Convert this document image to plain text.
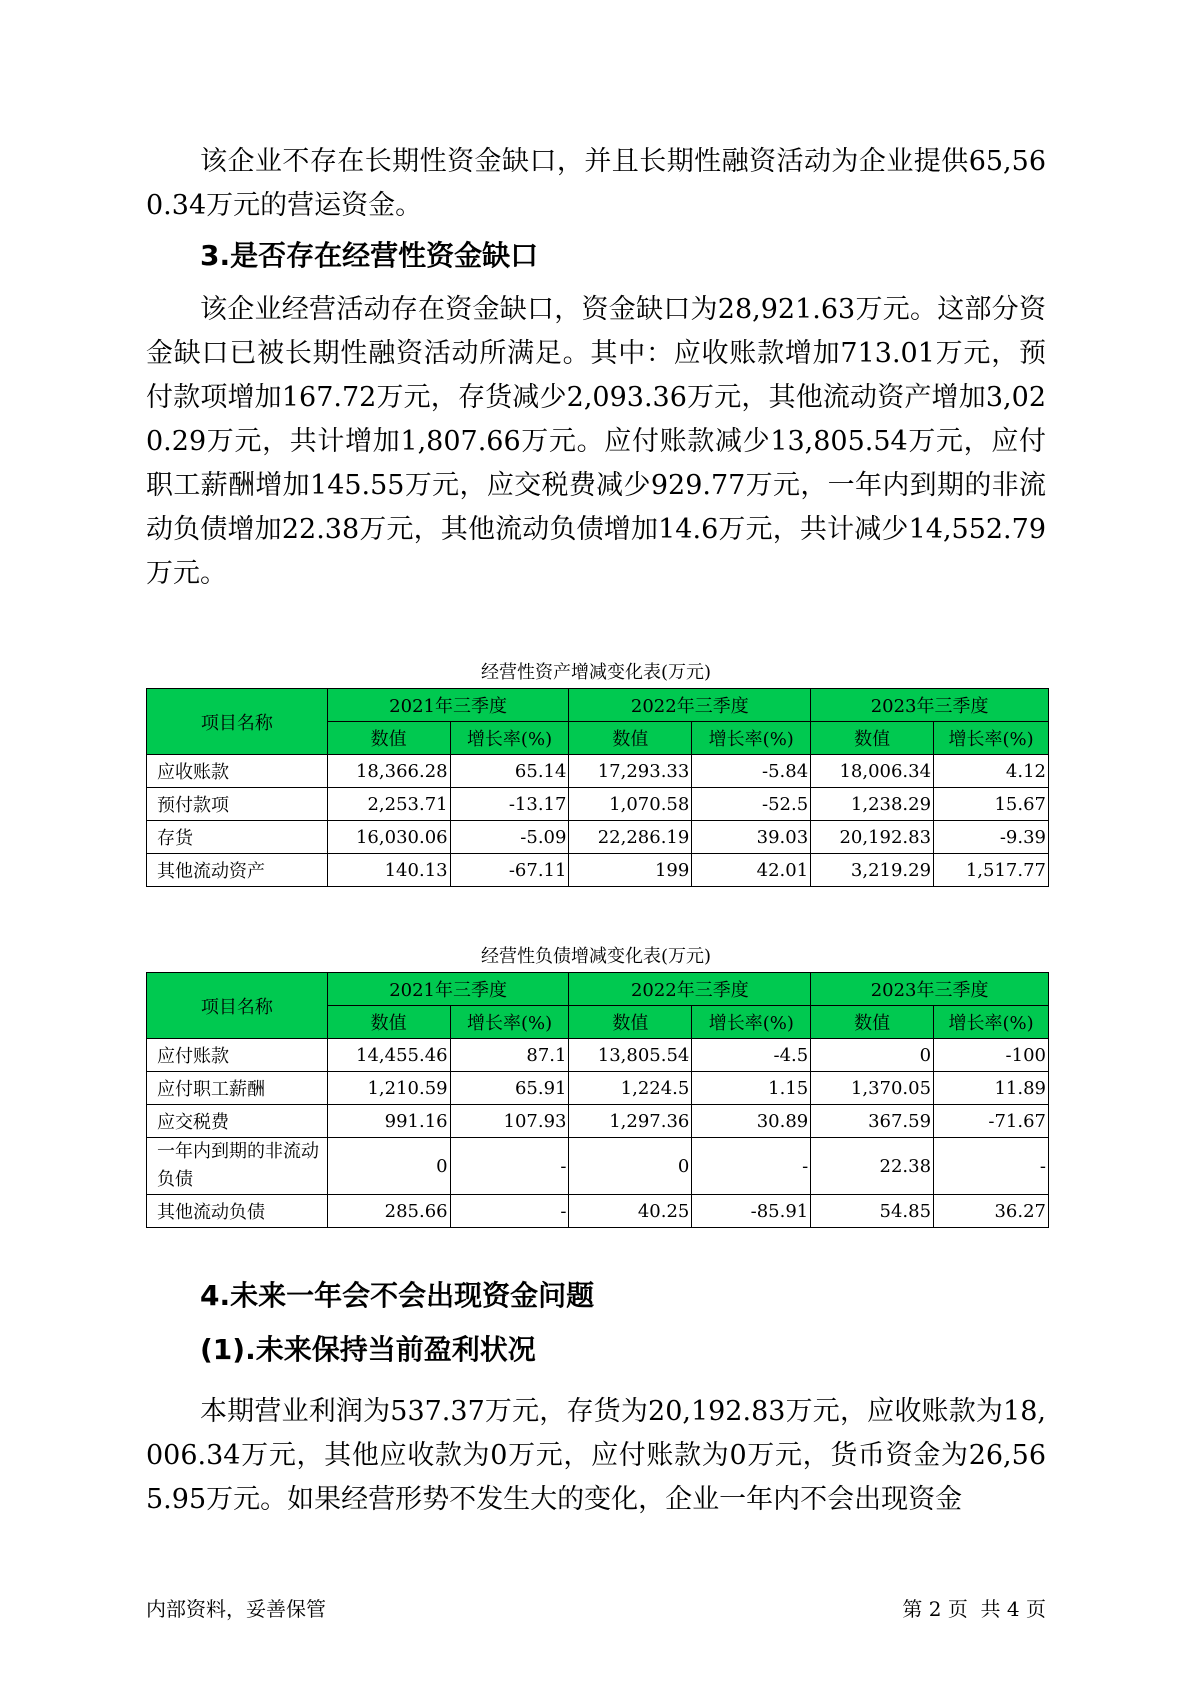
该企业不存在长期性资金缺口，并且长期性融资活动为企业提供65,560.34万元的营运资金。

3.是否存在经营性资金缺口

该企业经营活动存在资金缺口，资金缺口为28,921.63万元。这部分资金缺口已被长期性融资活动所满足。其中：应收账款增加713.01万元，预付款项增加167.72万元，存货减少2,093.36万元，其他流动资产增加3,020.29万元，共计增加1,807.66万元。应付账款减少13,805.54万元，应付职工薪酬增加145.55万元，应交税费减少929.77万元，一年内到期的非流动负债增加22.38万元，其他流动负债增加14.6万元，共计减少14,552.79万元。

经营性资产增减变化表(万元)
项目名称	2021年三季度		2022年三季度		2023年三季度	
	数值	增长率(%)	数值	增长率(%)	数值	增长率(%)
应收账款	18,366.28	65.14	17,293.33	-5.84	18,006.34	4.12
预付款项	2,253.71	-13.17	1,070.58	-52.5	1,238.29	15.67
存货	16,030.06	-5.09	22,286.19	39.03	20,192.83	-9.39
其他流动资产	140.13	-67.11	199	42.01	3,219.29	1,517.77
经营性负债增减变化表(万元)
项目名称	2021年三季度		2022年三季度		2023年三季度	
	数值	增长率(%)	数值	增长率(%)	数值	增长率(%)
应付账款	14,455.46	87.1	13,805.54	-4.5	0	-100
应付职工薪酬	1,210.59	65.91	1,224.5	1.15	1,370.05	11.89
应交税费	991.16	107.93	1,297.36	30.89	367.59	-71.67
一年内到期的非流动负债	0	-	0	-	22.38	-
其他流动负债	285.66	-	40.25	-85.91	54.85	36.27
4.未来一年会不会出现资金问题
(1).未来保持当前盈利状况

本期营业利润为537.37万元，存货为20,192.83万元，应收账款为18,006.34万元，其他应收款为0万元，应付账款为0万元，货币资金为26,565.95万元。如果经营形势不发生大的变化，企业一年内不会出现资金

内部资料，妥善保管	第 2 页  共 4 页
